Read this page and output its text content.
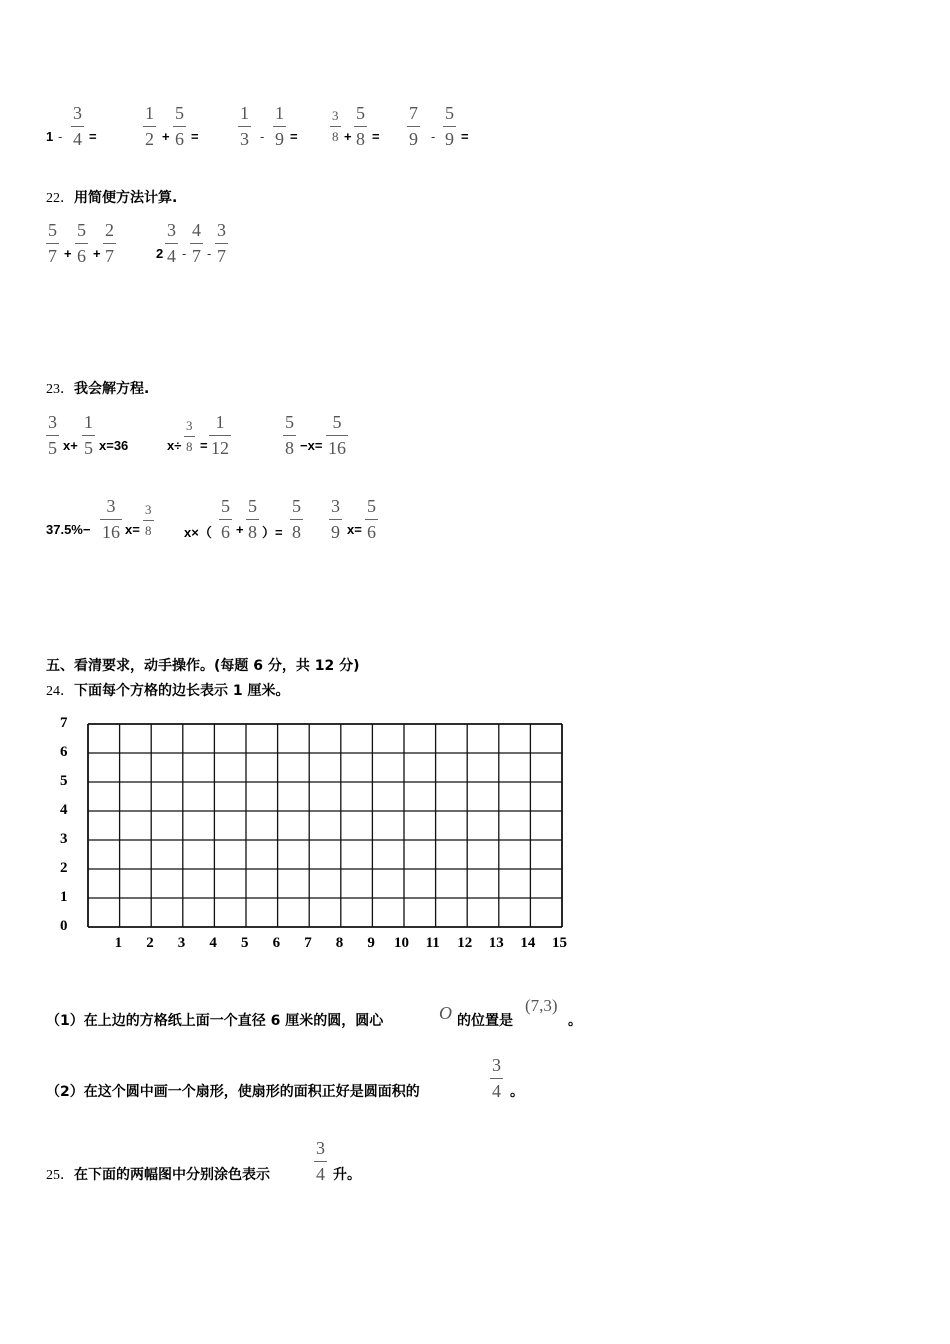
1 -
3
4 =
1
2 +
5
6 =
1
3 -
1
9 =
3
8 +
5
8 =
7
9 -
5
9 =
22．用简便方法计算.
5
7 +
5
6 +
2
7	2
3
4 -
4
7 -
3
7
23．我会解方程.
3
5 x+
1
5 x=36	x÷
3
8 =
1
12
5
8 −x=
5
16
37.5%−
3
16 x=
3
8	x×（
5
6 +
5
8 ）=
5
8
3
9 x=
5
6
五、看清要求，动手操作。(每题 6 分，共 12 分)
24．下面每个方格的边长表示 1 厘米。
7
6
5
4
3
2
1
0
1 2 3 4 5 6 7 8 9 10 11 12 13 14 15
（1）在上边的方格纸上面一个直径 6 厘米的圆，圆心	O 的位置是
(7,3)
。
（2）在这个圆中画一个扇形，使扇形的面积正好是圆面积的
3
4 。
25．在下面的两幅图中分别涂色表示
3
4 升。
